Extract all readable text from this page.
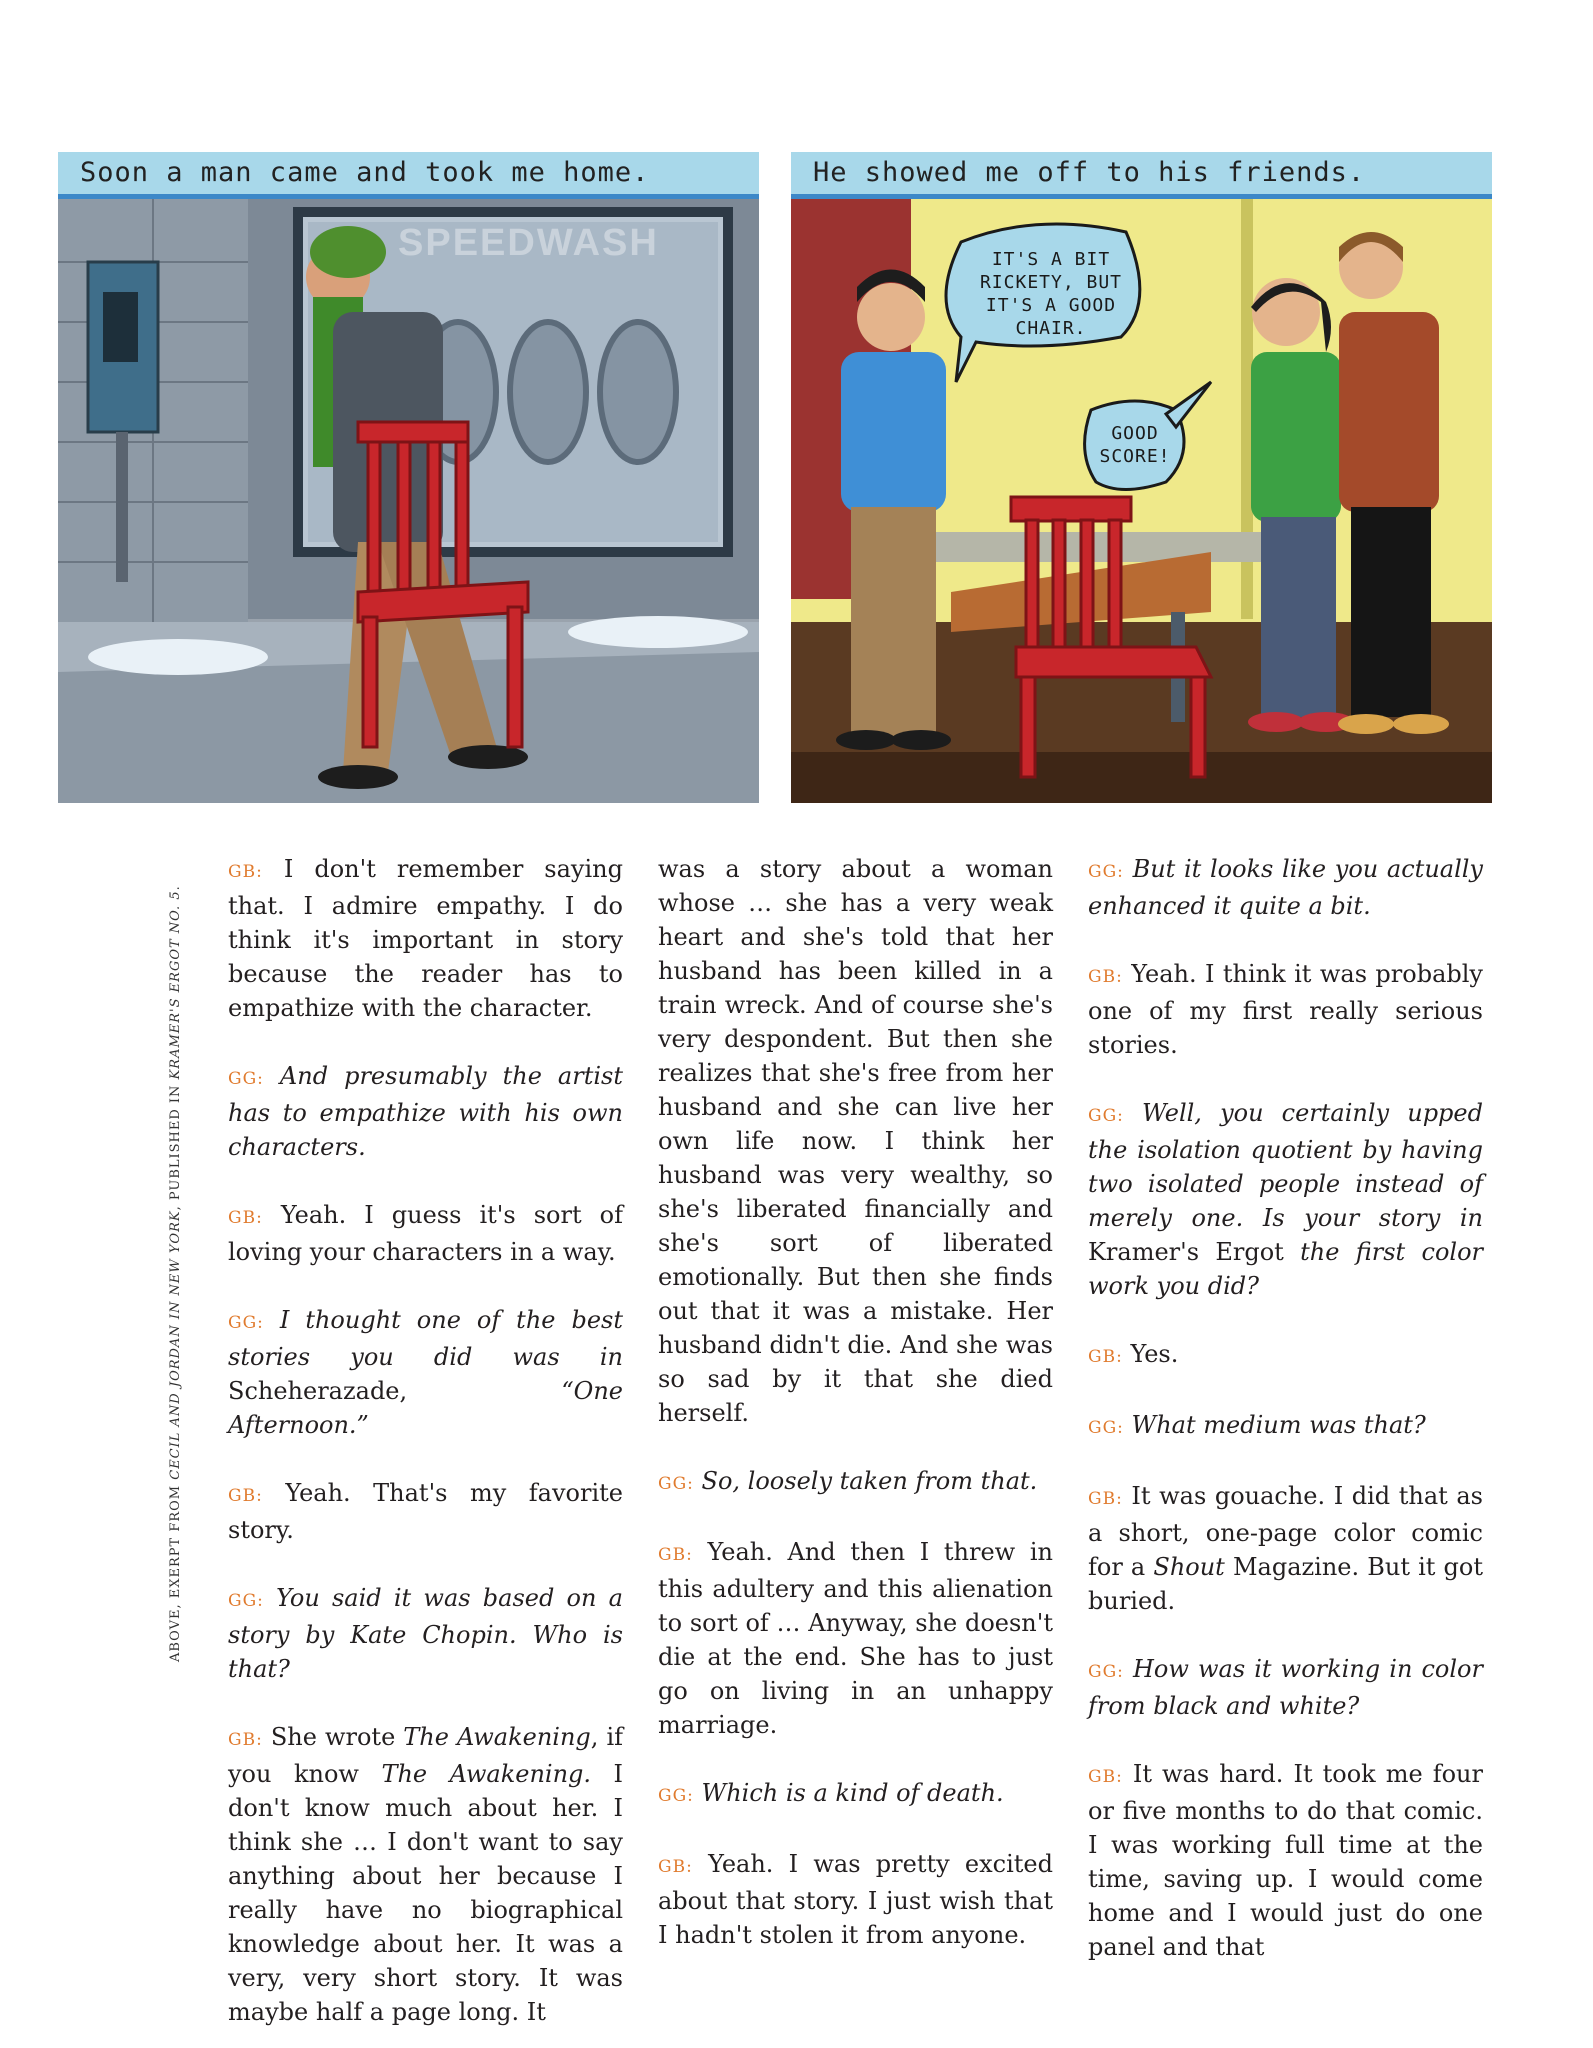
Soon a man came and took me home.
SPEEDWASH
He showed me off to his friends.
IT'S A BIT
RICKETY, BUT
IT'S A GOOD
CHAIR.
GOOD
SCORE!
ABOVE, EXERPT FROM CECIL AND JORDAN IN NEW YORK, PUBLISHED IN KRAMER'S ERGOT NO. 5.

GB: I don't remember saying that. I admire empathy. I do think it's important in story because the reader has to empathize with the character.

GG: And presumably the artist has to empathize with his own characters.

GB: Yeah. I guess it's sort of loving your characters in a way.

GG: I thought one of the best stories you did was in Scheherazade, “One Afternoon.”

GB: Yeah. That's my favorite story.

GG: You said it was based on a story by Kate Chopin. Who is that?

GB: She wrote The Awakening, if you know The Awakening. I don't know much about her. I think she … I don't want to say anything about her because I really have no biographical knowledge about her. It was a very, very short story. It was maybe half a page long. It

was a story about a woman whose … she has a very weak heart and she's told that her husband has been killed in a train wreck. And of course she's very despondent. But then she realizes that she's free from her husband and she can live her own life now. I think her husband was very wealthy, so she's liberated financially and she's sort of liberated emotionally. But then she finds out that it was a mistake. Her husband didn't die. And she was so sad by it that she died herself.

GG: So, loosely taken from that.

GB: Yeah. And then I threw in this adultery and this alienation to sort of … Anyway, she doesn't die at the end. She has to just go on living in an unhappy marriage.

GG: Which is a kind of death.

GB: Yeah. I was pretty excited about that story. I just wish that I hadn't stolen it from anyone.

GG: But it looks like you actually enhanced it quite a bit.

GB: Yeah. I think it was probably one of my first really serious stories.

GG: Well, you certainly upped the isolation quotient by having two isolated people instead of merely one. Is your story in Kramer's Ergot the first color work you did?

GB: Yes.

GG: What medium was that?

GB: It was gouache. I did that as a short, one-page color comic for a Shout Magazine. But it got buried.

GG: How was it working in color from black and white?

GB: It was hard. It took me four or five months to do that comic. I was working full time at the time, saving up. I would come home and I would just do one panel and that
